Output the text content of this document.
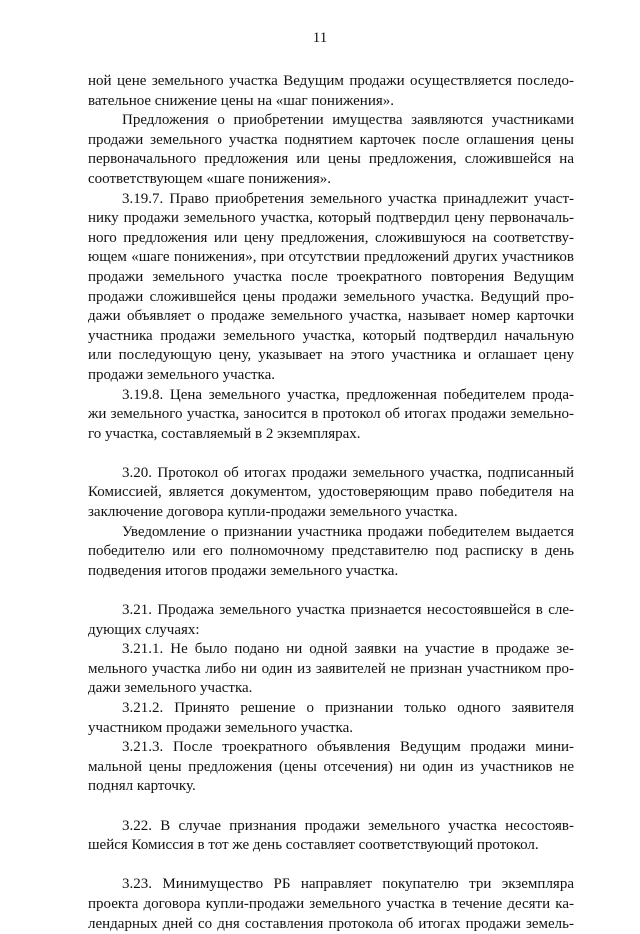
11
ной цене земельного участка Ведущим продажи осуществляется последо-
вательное снижение цены на «шаг понижения».
Предложения о приобретении имущества заявляются участниками
продажи земельного участка поднятием карточек после оглашения цены
первоначального предложения или цены предложения, сложившейся на
соответствующем «шаге понижения».
3.19.7. Право приобретения земельного участка принадлежит участ-
нику продажи земельного участка, который подтвердил цену первоначаль-
ного предложения или цену предложения, сложившуюся на соответству-
ющем «шаге понижения», при отсутствии предложений других участников
продажи земельного участка после троекратного повторения Ведущим
продажи сложившейся цены продажи земельного участка. Ведущий про-
дажи объявляет о продаже земельного участка, называет номер карточки
участника продажи земельного участка, который подтвердил начальную
или последующую цену, указывает на этого участника и оглашает цену
продажи земельного участка.
3.19.8. Цена земельного участка, предложенная победителем прода-
жи земельного участка, заносится в протокол об итогах продажи земельно-
го участка, составляемый в 2 экземплярах.
3.20. Протокол об итогах продажи земельного участка, подписанный
Комиссией, является документом, удостоверяющим право победителя на
заключение договора купли-продажи земельного участка.
Уведомление о признании участника продажи победителем выдается
победителю или его полномочному представителю под расписку в день
подведения итогов продажи земельного участка.
3.21. Продажа земельного участка признается несостоявшейся в сле-
дующих случаях:
3.21.1. Не было подано ни одной заявки на участие в продаже зе-
мельного участка либо ни один из заявителей не признан участником про-
дажи земельного участка.
3.21.2. Принято решение о признании только одного заявителя
участником продажи земельного участка.
3.21.3. После троекратного объявления Ведущим продажи мини-
мальной цены предложения (цены отсечения) ни один из участников не
поднял карточку.
3.22. В случае признания продажи земельного участка несостояв-
шейся Комиссия в тот же день составляет соответствующий протокол.
3.23. Минимущество РБ направляет покупателю три экземпляра
проекта договора купли-продажи земельного участка в течение десяти ка-
лендарных дней со дня составления протокола об итогах продажи земель-
